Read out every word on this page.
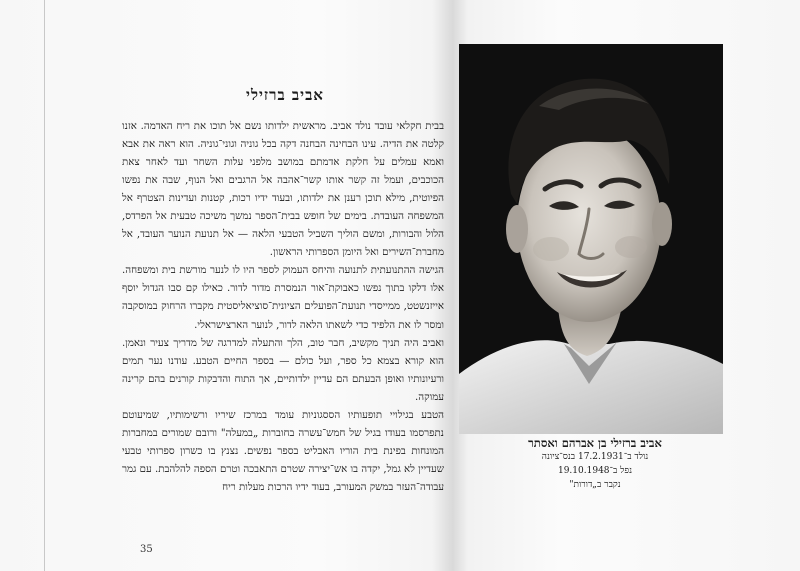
אביב ברזילי

בבית חקלאי עובד נולד אביב. מראשית ילדותו נשם אל תוכו את ריח האדמה. אזנו קלטה את הדיה. עינו הבחינה הבחנה דקה בכל גוניה וגוני־גוניה. הוא ראה את אבא ואמא עמלים על חלקת אדמתם במושב מלפני עלות השחר ועד לאחר צאת הכוכבים, ועמל זה קשר אותו קשר־אהבה אל הרגבים ואל הנוף, שבה את נפשו הפיוטית, מילא תוכן רענן את ילדותו, ובעוד ידיו רכות, קטנות ועדינות הצטרף אל המשפחה העובדת. בימים של חופש בבית־הספר נמשך משיכה טבעית אל הפרדס, הלול והבורות, ומשם הוליך השביל הטבעי הלאה — אל תנועת הנוער העובד, אל מחברת־השירים ואל היומן הספרותי הראשון.

הגישה ההתנועתית לתנועה והיחס העמוק לספר היו לו לנער מורשת בית ומשפחה. אלו דלקו בתוך נפשו כאבוקת־אור הנמסרת מדור לדור. כאילו קם סבו הגדול יוסף אייזנשטט, ממייסדי תנועת־הפועלים הציונית־סוציאליסטית מקברו הרחוק במוסקבה ומסר לו את הלפיד כדי לשאתו הלאה לדור, לנוער הארצישראלי.

ואביב היה תניך מקשיב, חבר טוב, הלך והתעלה למדרגה של מדריך צעיר ונאמן. הוא קורא בצמא כל ספר, ועל כולם — בספר החיים הטבע. עודנו נער תמים ורעיונותיו ואופן הבעתם הם עדיין ילדותיים, אך התוח והדבקות קורנים בהם קרינה עמוקה.

הטבע בגילויי תופעותיו הססגוניות עומד במרכז שיריו ורשימותיו, שמיעוטם נתפרסמו בעודו בגיל של חמש־עשרה בחוברות „במעלה" ורובם שמורים במחברות המונחות בפינת בית הוריו האבליט בספר נפשים. נצנץ בו כשרון ספרותי טבעי שעדיין לא גמל, יקדה בו אש־יצירה שטרם התאבכה וטרם הספה להלהבת. עם גמר עבודה־העזר במשק המעורב, בעוד ידיו הרכות מעלות ריח

35
אביב ברזילי בן אברהם ואסתר
נולד ב־17.2.1931 בנס־ציונה
נפל ב־19.10.1948
נקבר ב„דורות"
